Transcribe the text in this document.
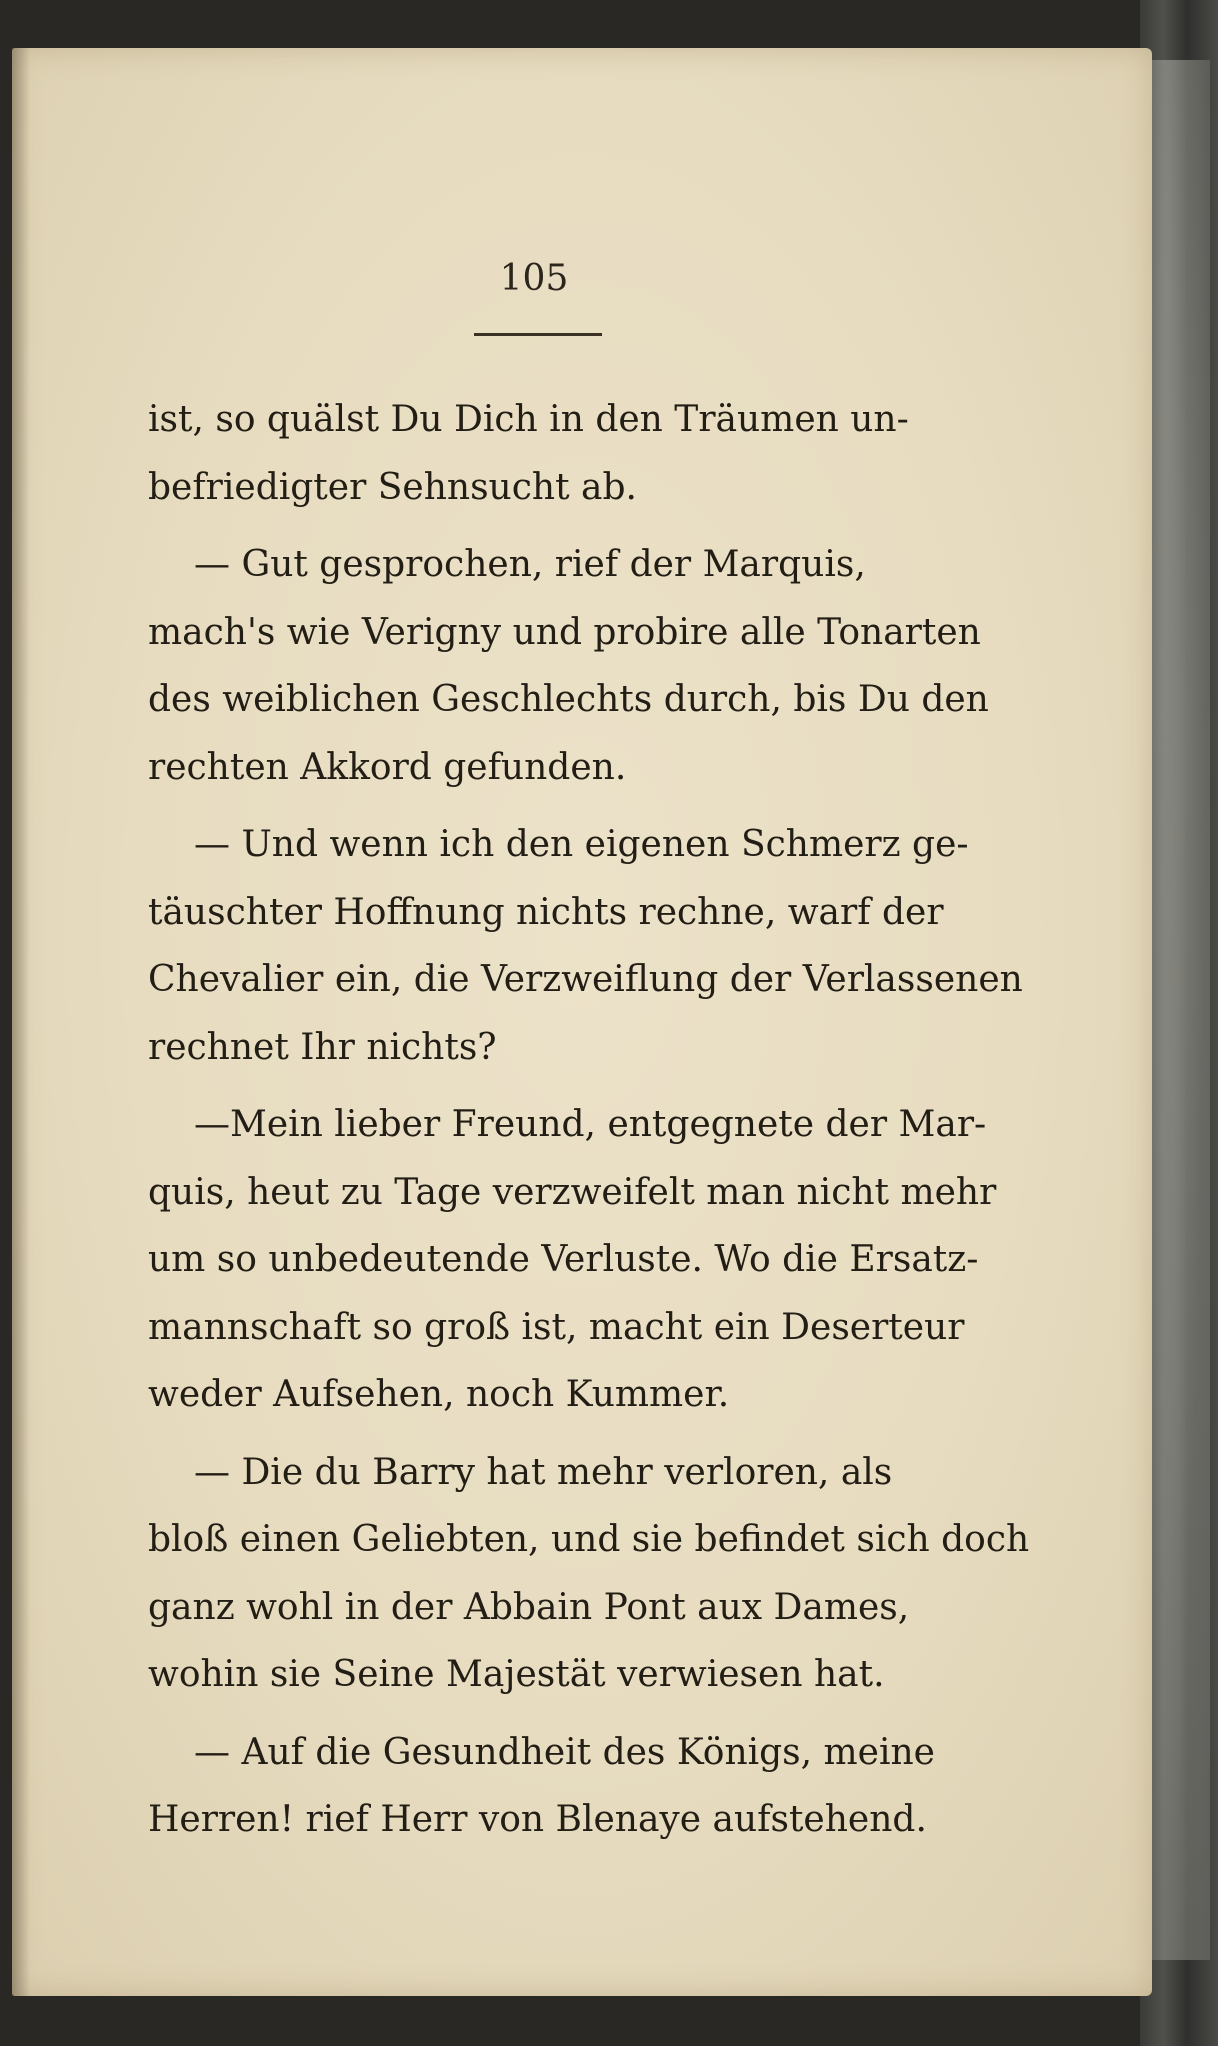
105

ist, so quälst Du Dich in den Träumen un-
befriedigter Sehnsucht ab.

— Gut gesprochen, rief der Marquis,
mach's wie Verigny und probire alle Tonarten
des weiblichen Geschlechts durch, bis Du den
rechten Akkord gefunden.

— Und wenn ich den eigenen Schmerz ge-
täuschter Hoffnung nichts rechne, warf der
Chevalier ein, die Verzweiflung der Verlassenen
rechnet Ihr nichts?

—Mein lieber Freund, entgegnete der Mar-
quis, heut zu Tage verzweifelt man nicht mehr
um so unbedeutende Verluste. Wo die Ersatz-
mannschaft so groß ist, macht ein Deserteur
weder Aufsehen, noch Kummer.

— Die du Barry hat mehr verloren, als
bloß einen Geliebten, und sie befindet sich doch
ganz wohl in der Abbain Pont aux Dames,
wohin sie Seine Majestät verwiesen hat.

— Auf die Gesundheit des Königs, meine
Herren! rief Herr von Blenaye aufstehend.
